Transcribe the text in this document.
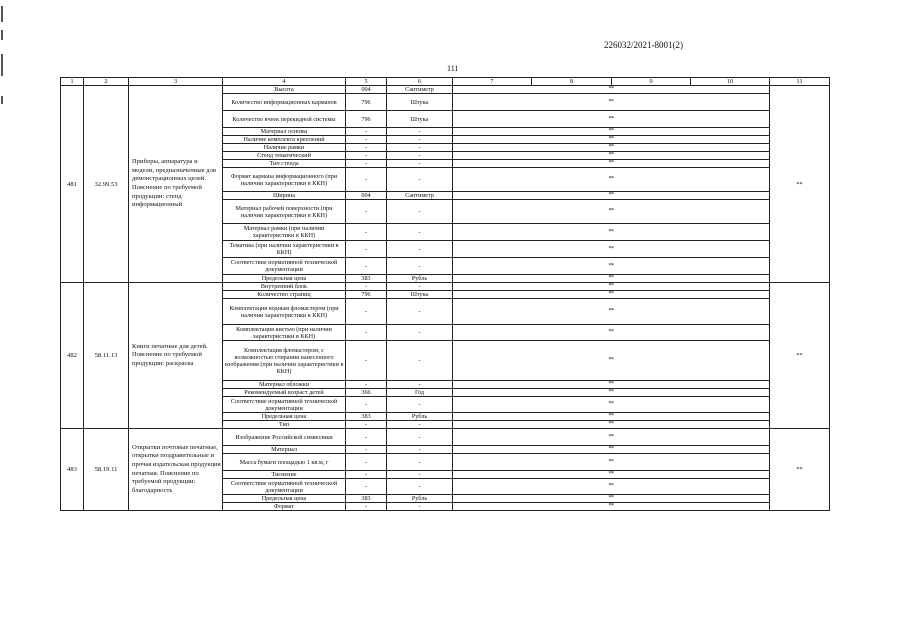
226032/2021-8001(2)
111
1	2	3	4	5	6	7	8	9	10	11
481	32.99.53	Приборы, аппаратура и модели, предназначенные для демонстрационных целей. Пояснение по требуемой продукции: стенд информационный	Высота	004	Сантиметр	**				**
			Количество информационных карманов	796	Штука	**				
			Количество ячеек перекидной системы	796	Штука	**				
			Материал основы	-	-	**				
			Наличие комплекта креплений	-	-	**				
			Наличие рамки	-	-	**				
			Стенд тематический	-	-	**				
			Тип стенда	-	-	**				
			Формат кармана информационного (при наличии характеристики в ККН)	-	-	**				
			Ширина	004	Сантиметр	**				
			Материал рабочей поверхности (при наличии характеристики в ККН)	-	-	**				
			Материал рамки (при наличии характеристики в ККН)	-	-	**				
			Тематика (при наличии характеристики в ККН)	-	-	**				
			Соответствие нормативной технической документации	-	-	**				
			Предельная цена	383	Рубль	**				
482	58.11.13	Книги печатные для детей. Пояснение по требуемой продукции: раскраска	Внутренний блок	-	-	**				**
			Количество страниц	796	Штука	**				
			Комплектация водным фломастером (при наличии характеристики в ККН)	-	-	**				
			Комплектация кистью (при наличии характеристики в ККН)	-	-	**				
			Комплектация фломастером, с возможностью стирания нанесенного изображения (при наличии характеристики в ККН)	-	-	**				
			Материал обложки	-	-	**				
			Рекомендуемый возраст детей	366	Год	**				
			Соответствие нормативной технической документации	-	-	**				
			Предельная цена	383	Рубль	**				
			Тип	-	-	**				
483	58.19.11	Открытки почтовые печатные, открытки поздравительные и прочая издательская продукция печатная. Пояснение по требуемой продукции: благодарность	Изображение Российской символики	-	-	**				**
			Материал	-	-	**				
			Масса бумаги площадью 1 кв.м, г	-	-	**				
			Тиснение	-	-	**				
			Соответствие нормативной технической документации	-	-	**				
			Предельная цена	383	Рубль	**				
			Формат	-	-	**				
